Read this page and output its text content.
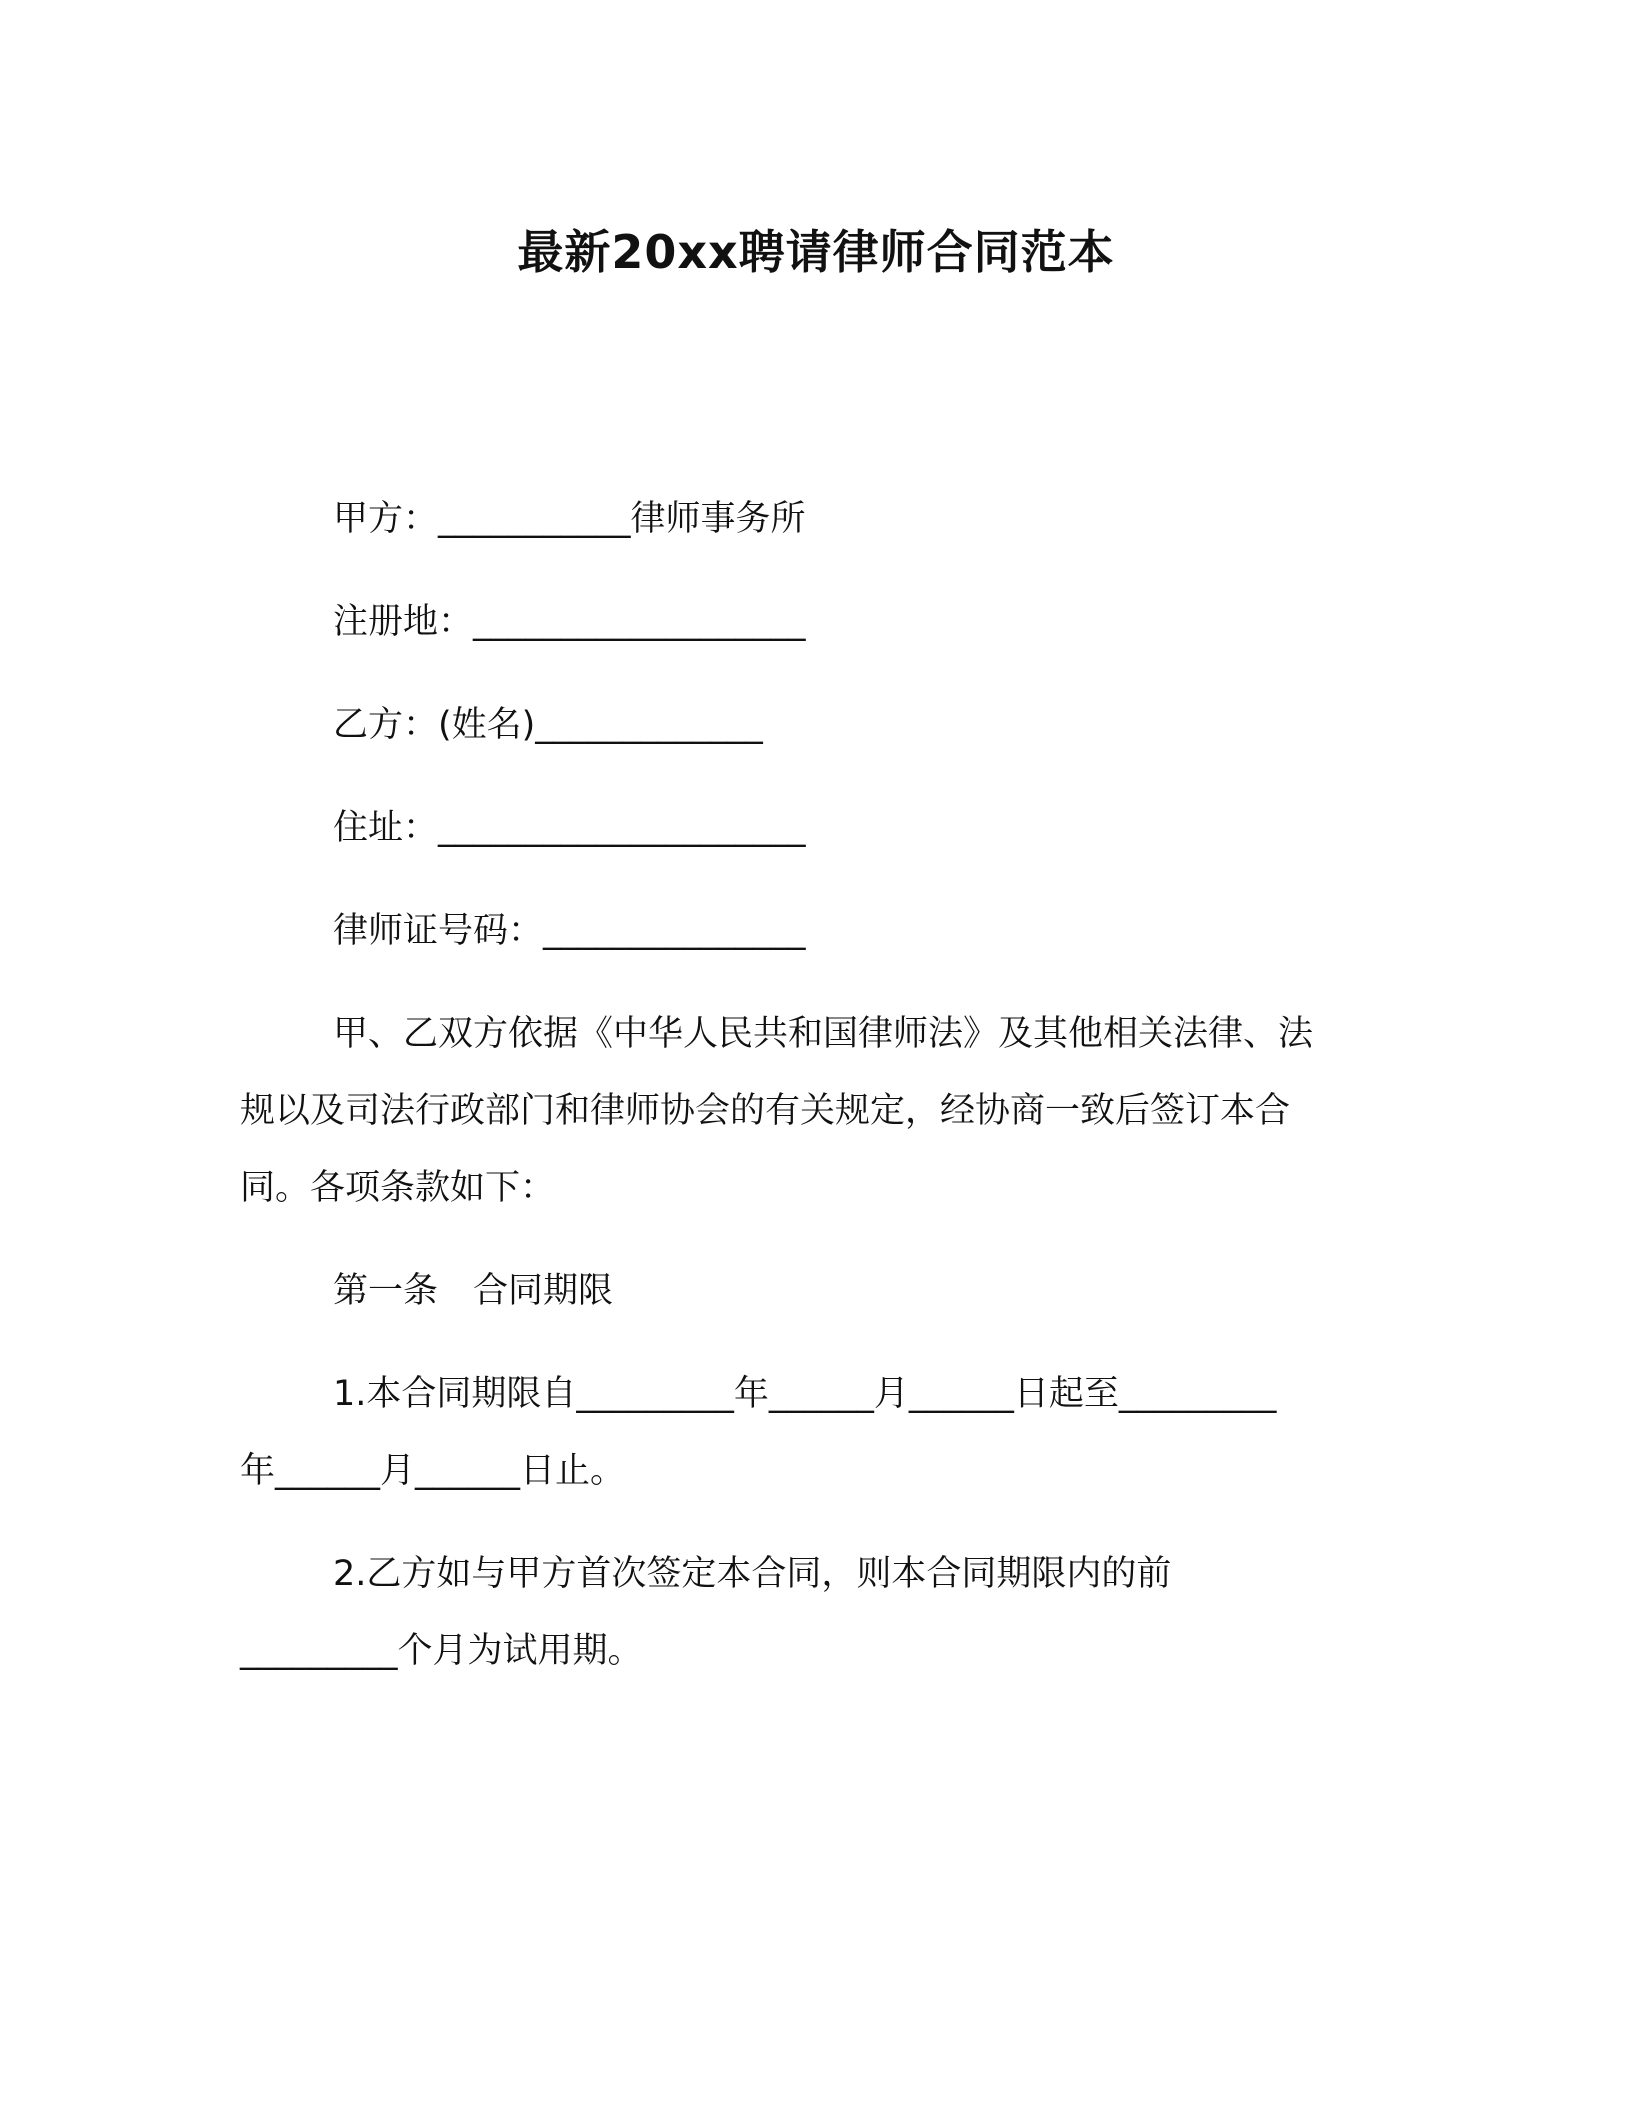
最新20xx聘请律师合同范本
甲方：___________律师事务所
注册地：___________________
乙方：(姓名)_____________
住址：_____________________
律师证号码：_______________
甲、乙双方依据《中华人民共和国律师法》及其他相关法律、法
规以及司法行政部门和律师协会的有关规定，经协商一致后签订本合
同。各项条款如下：
第一条　合同期限
1.本合同期限自_________年______月______日起至_________
年______月______日止。
2.乙方如与甲方首次签定本合同，则本合同期限内的前
_________个月为试用期。
